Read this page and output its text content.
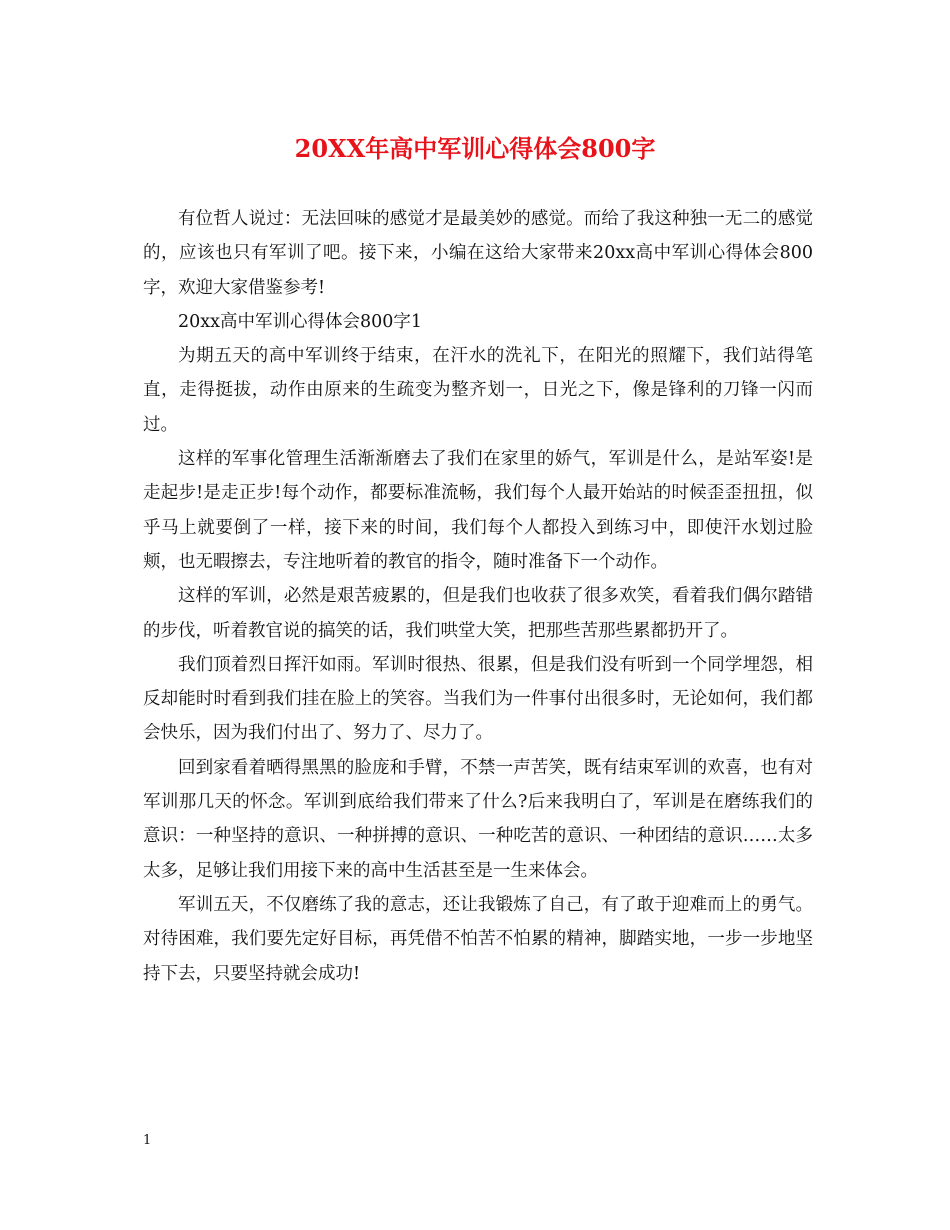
20XX年高中军训心得体会800字

有位哲人说过：无法回味的感觉才是最美妙的感觉。而给了我这种独一无二的感觉的，应该也只有军训了吧。接下来，小编在这给大家带来20xx高中军训心得体会800字，欢迎大家借鉴参考!

20xx高中军训心得体会800字1

为期五天的高中军训终于结束，在汗水的洗礼下，在阳光的照耀下，我们站得笔直，走得挺拔，动作由原来的生疏变为整齐划一，日光之下，像是锋利的刀锋一闪而过。

这样的军事化管理生活渐渐磨去了我们在家里的娇气，军训是什么，是站军姿!是走起步!是走正步!每个动作，都要标准流畅，我们每个人最开始站的时候歪歪扭扭，似乎马上就要倒了一样，接下来的时间，我们每个人都投入到练习中，即使汗水划过脸颊，也无暇擦去，专注地听着的教官的指令，随时准备下一个动作。

这样的军训，必然是艰苦疲累的，但是我们也收获了很多欢笑，看着我们偶尔踏错的步伐，听着教官说的搞笑的话，我们哄堂大笑，把那些苦那些累都扔开了。

我们顶着烈日挥汗如雨。军训时很热、很累，但是我们没有听到一个同学埋怨，相反却能时时看到我们挂在脸上的笑容。当我们为一件事付出很多时，无论如何，我们都会快乐，因为我们付出了、努力了、尽力了。

回到家看着晒得黑黑的脸庞和手臂，不禁一声苦笑，既有结束军训的欢喜，也有对军训那几天的怀念。军训到底给我们带来了什么?后来我明白了，军训是在磨练我们的意识：一种坚持的意识、一种拼搏的意识、一种吃苦的意识、一种团结的意识……太多太多，足够让我们用接下来的高中生活甚至是一生来体会。

军训五天，不仅磨练了我的意志，还让我锻炼了自己，有了敢于迎难而上的勇气。对待困难，我们要先定好目标，再凭借不怕苦不怕累的精神，脚踏实地，一步一步地坚持下去，只要坚持就会成功!

1
